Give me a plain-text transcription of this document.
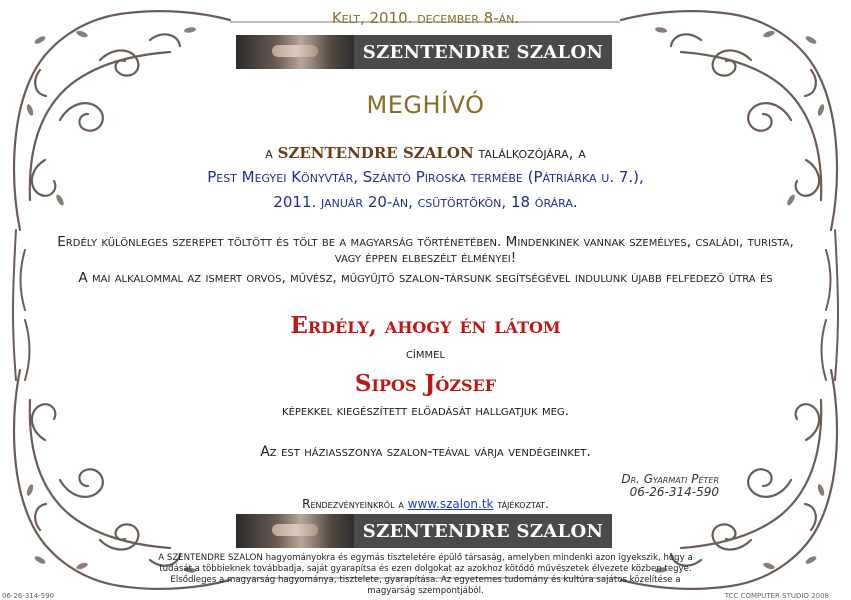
Kelt, 2010. december 8-án.
SZENTENDRE SZALON
MEGHÍVÓ
a SZENTENDRE SZALON találkozójára, a
Pest Megyei Könyvtár, Szántó Piroska termébe (Pátriárka u. 7.),
2011. január 20-án, csütörtökön, 18 órára.
Erdély különleges szerepet töltött és tölt be a magyarság történetében. Mindenkinek vannak személyes, családi, turista, vagy éppen elbeszélt élményei!
A mai alkalommal az ismert orvos, művész, műgyűjtő szalon-társunk segítségével indulunk újabb felfedező útra és
Erdély, ahogy én látom
címmel
Sipos József
képekkel kiegészített előadását hallgatjuk meg.
Az est háziasszonya szalon-teával várja vendégeinket.
Dr. Gyarmati Péter
06-26-314-590
Rendezvényeinkről a www.szalon.tk tájékoztat.
SZENTENDRE SZALON
A SZENTENDRE SZALON hagyományokra és egymás tiszteletére épülő társaság, amelyben mindenki azon igyekszik, hogy a tudását a többieknek továbbadja, saját gyarapítsa és ezen dolgokat az azokhoz kötődő művészetek élvezete közben tegye. Elsődleges a magyarság hagyománya, tisztelete, gyarapítása. Az egyetemes tudomány és kultúra sajátos közelítése a magyarság szempontjából.
06-26-314-590	TCC COMPUTER STUDIO 2008
